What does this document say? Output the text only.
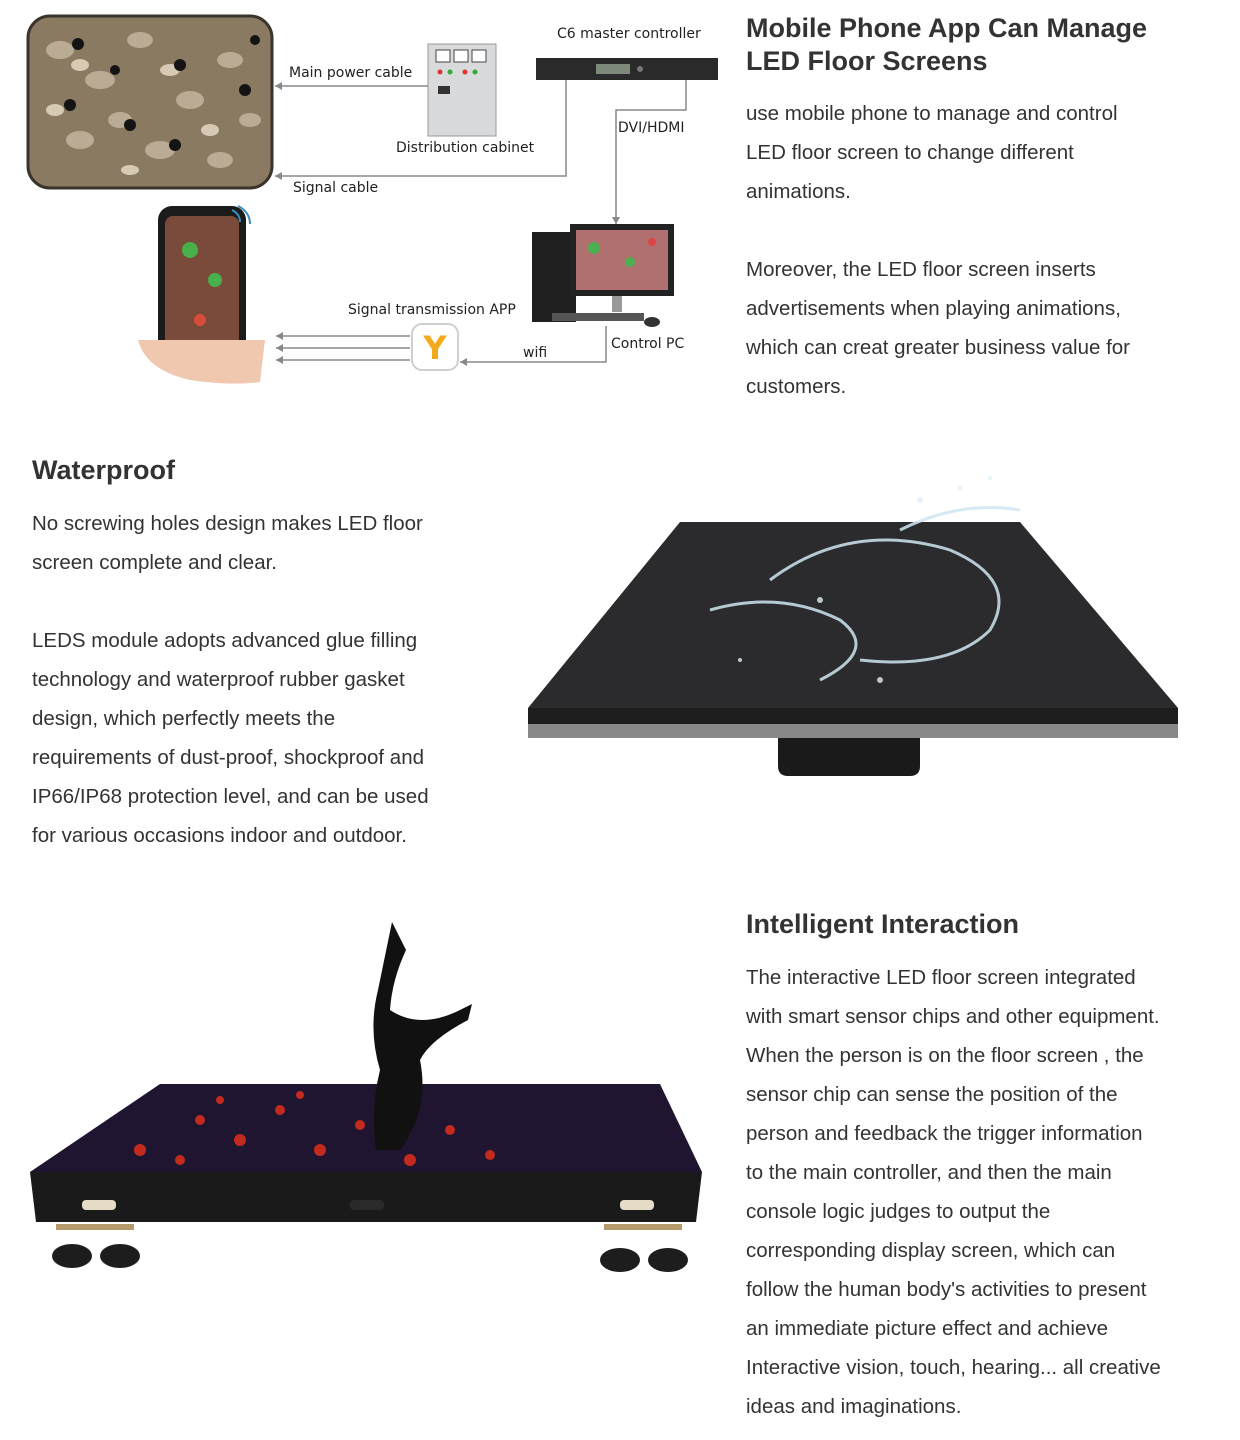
Y
Main power cable
Distribution cabinet
Signal cable
C6 master controller
DVI/HDMI
Signal transmission APP
wifi
Control PC
Mobile Phone App Can Manage
LED Floor Screens
use mobile phone to manage and control
LED floor screen to change different
animations.
Moreover, the LED floor screen inserts
advertisements when playing animations,
which can creat greater business value for
customers.
Waterproof
No screwing holes design makes LED floor
screen complete and clear.
LEDS module adopts advanced glue filling
technology and waterproof rubber gasket
design, which perfectly meets the
requirements of dust-proof, shockproof and
IP66/IP68 protection level, and can be used
for various occasions indoor and outdoor.
Intelligent Interaction
The interactive LED floor screen integrated
with smart sensor chips and other equipment.
When the person is on the floor screen , the
sensor chip can sense the position of the
person and feedback the trigger information
to the main controller, and then the main
console logic judges to output the
corresponding display screen, which can
follow the human body's activities to present
an immediate picture effect and achieve
Interactive vision, touch, hearing... all creative
ideas and imaginations.
